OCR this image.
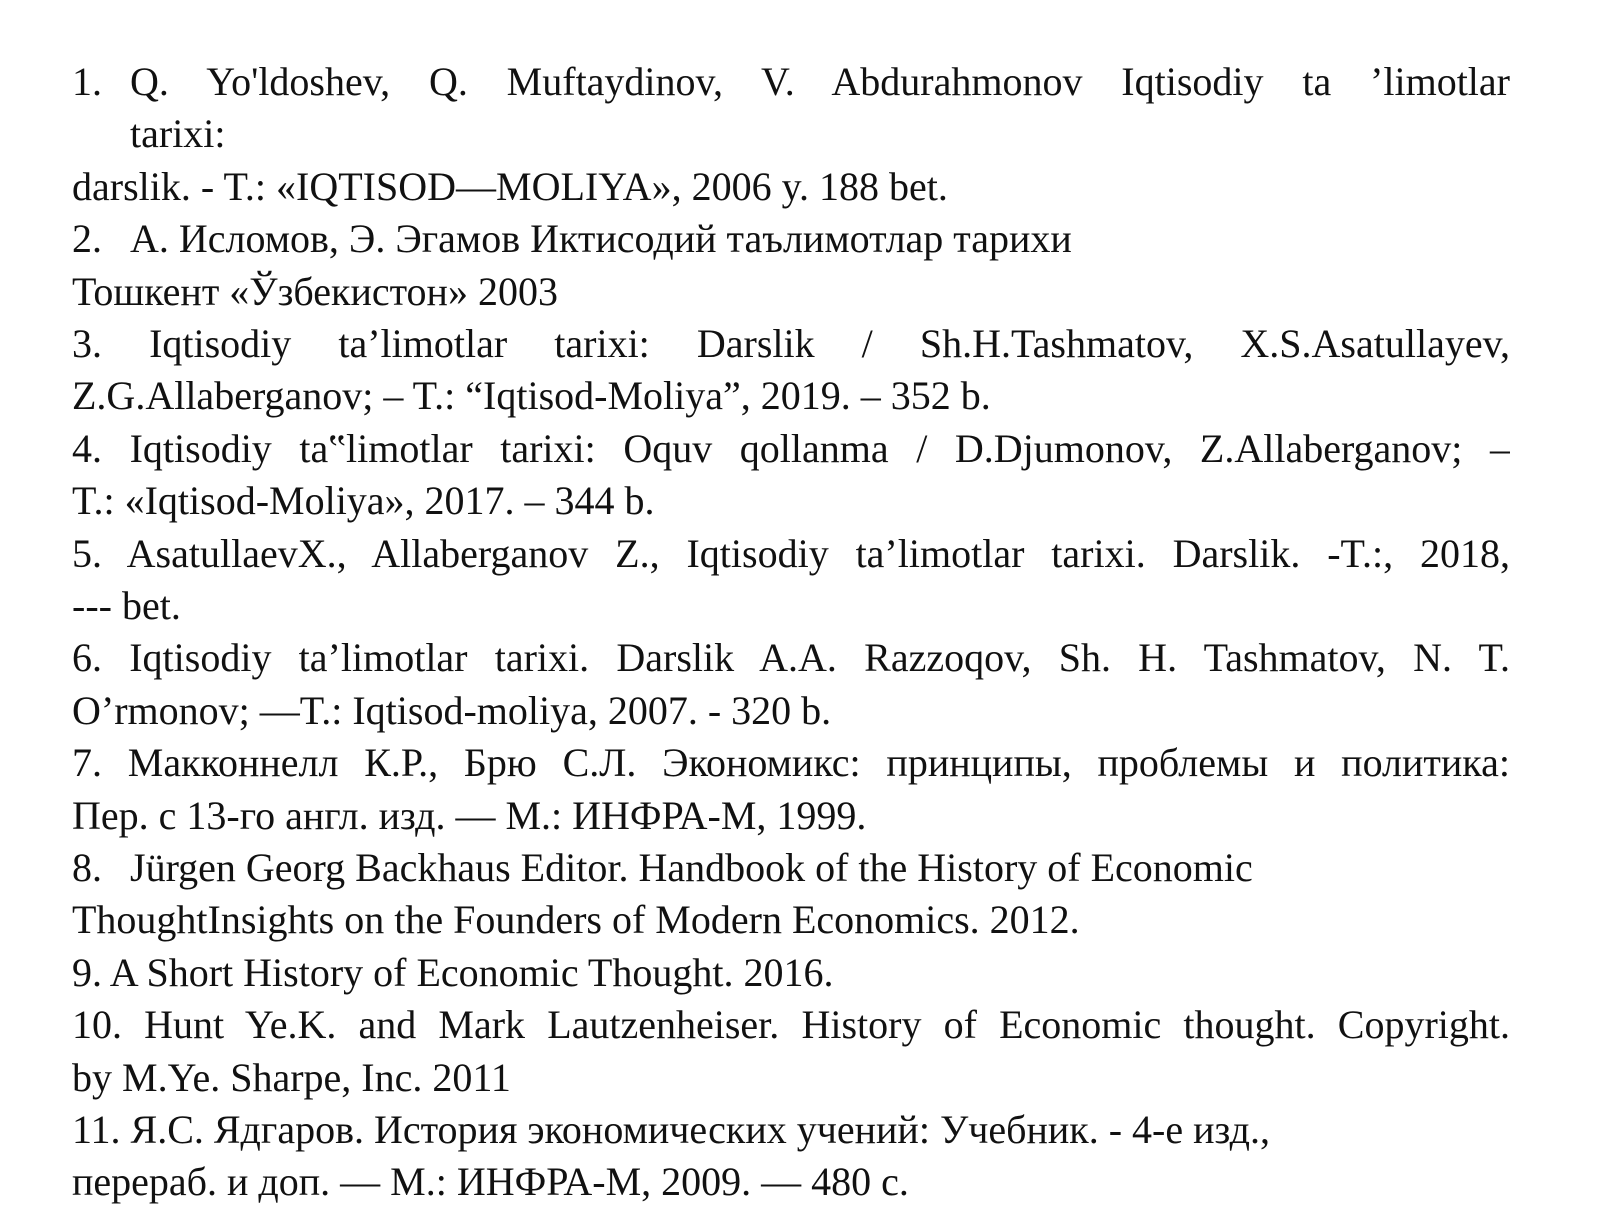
1. Q. Yo'ldoshev, Q. Muftaydinov, V. Abdurahmonov Iqtisodiy ta ’limotlar
tarixi:
darslik. - T.: «IQTISOD—MOLIYA», 2006 y. 188 bet.
2. A. Исломов, Э. Эгамов Иктисодий таълимотлар тарихи
Тошкент «Ўзбекистон» 2003
3. Iqtisodiy ta’limotlar tarixi: Darslik / Sh.H.Tashmatov, X.S.Asatullayev,
Z.G.Allaberganov; – T.: “Iqtisod-Moliya”, 2019. – 352 b.
4. Iqtisodiy ta‟limotlar tarixi: Oquv qollanma / D.Djumonov, Z.Allaberganov; –
T.: «Iqtisod-Moliya», 2017. – 344 b.
5. AsatullaevX., Allaberganov Z., Iqtisodiy ta’limotlar tarixi. Darslik. -T.:, 2018,
--- bet.
6. Iqtisodiy ta’limotlar tarixi. Darslik A.A. Razzoqov, Sh. H. Tashmatov, N. T.
O’rmonov; —T.: Iqtisod-moliya, 2007. - 320 b.
7. Макконнелл К.Р., Брю С.Л. Экономикс: принципы, проблемы и политика:
Пер. с 13-го англ. изд. — М.: ИНФРА-М, 1999.
8. Jürgen Georg Backhaus Editor. Handbook of the History of Economic
ThoughtInsights on the Founders of Modern Economics. 2012.
9. A Short History of Economic Thought. 2016.
10. Hunt Ye.K. and Mark Lautzenheiser. History of Economic thought. Copyright.
by M.Ye. Sharpe, Inc. 2011
11. Я.С. Ядгаров. История экономических учений: Учебник. - 4-е изд.,
перераб. и доп. — М.: ИНФРА-М, 2009. — 480 с.
